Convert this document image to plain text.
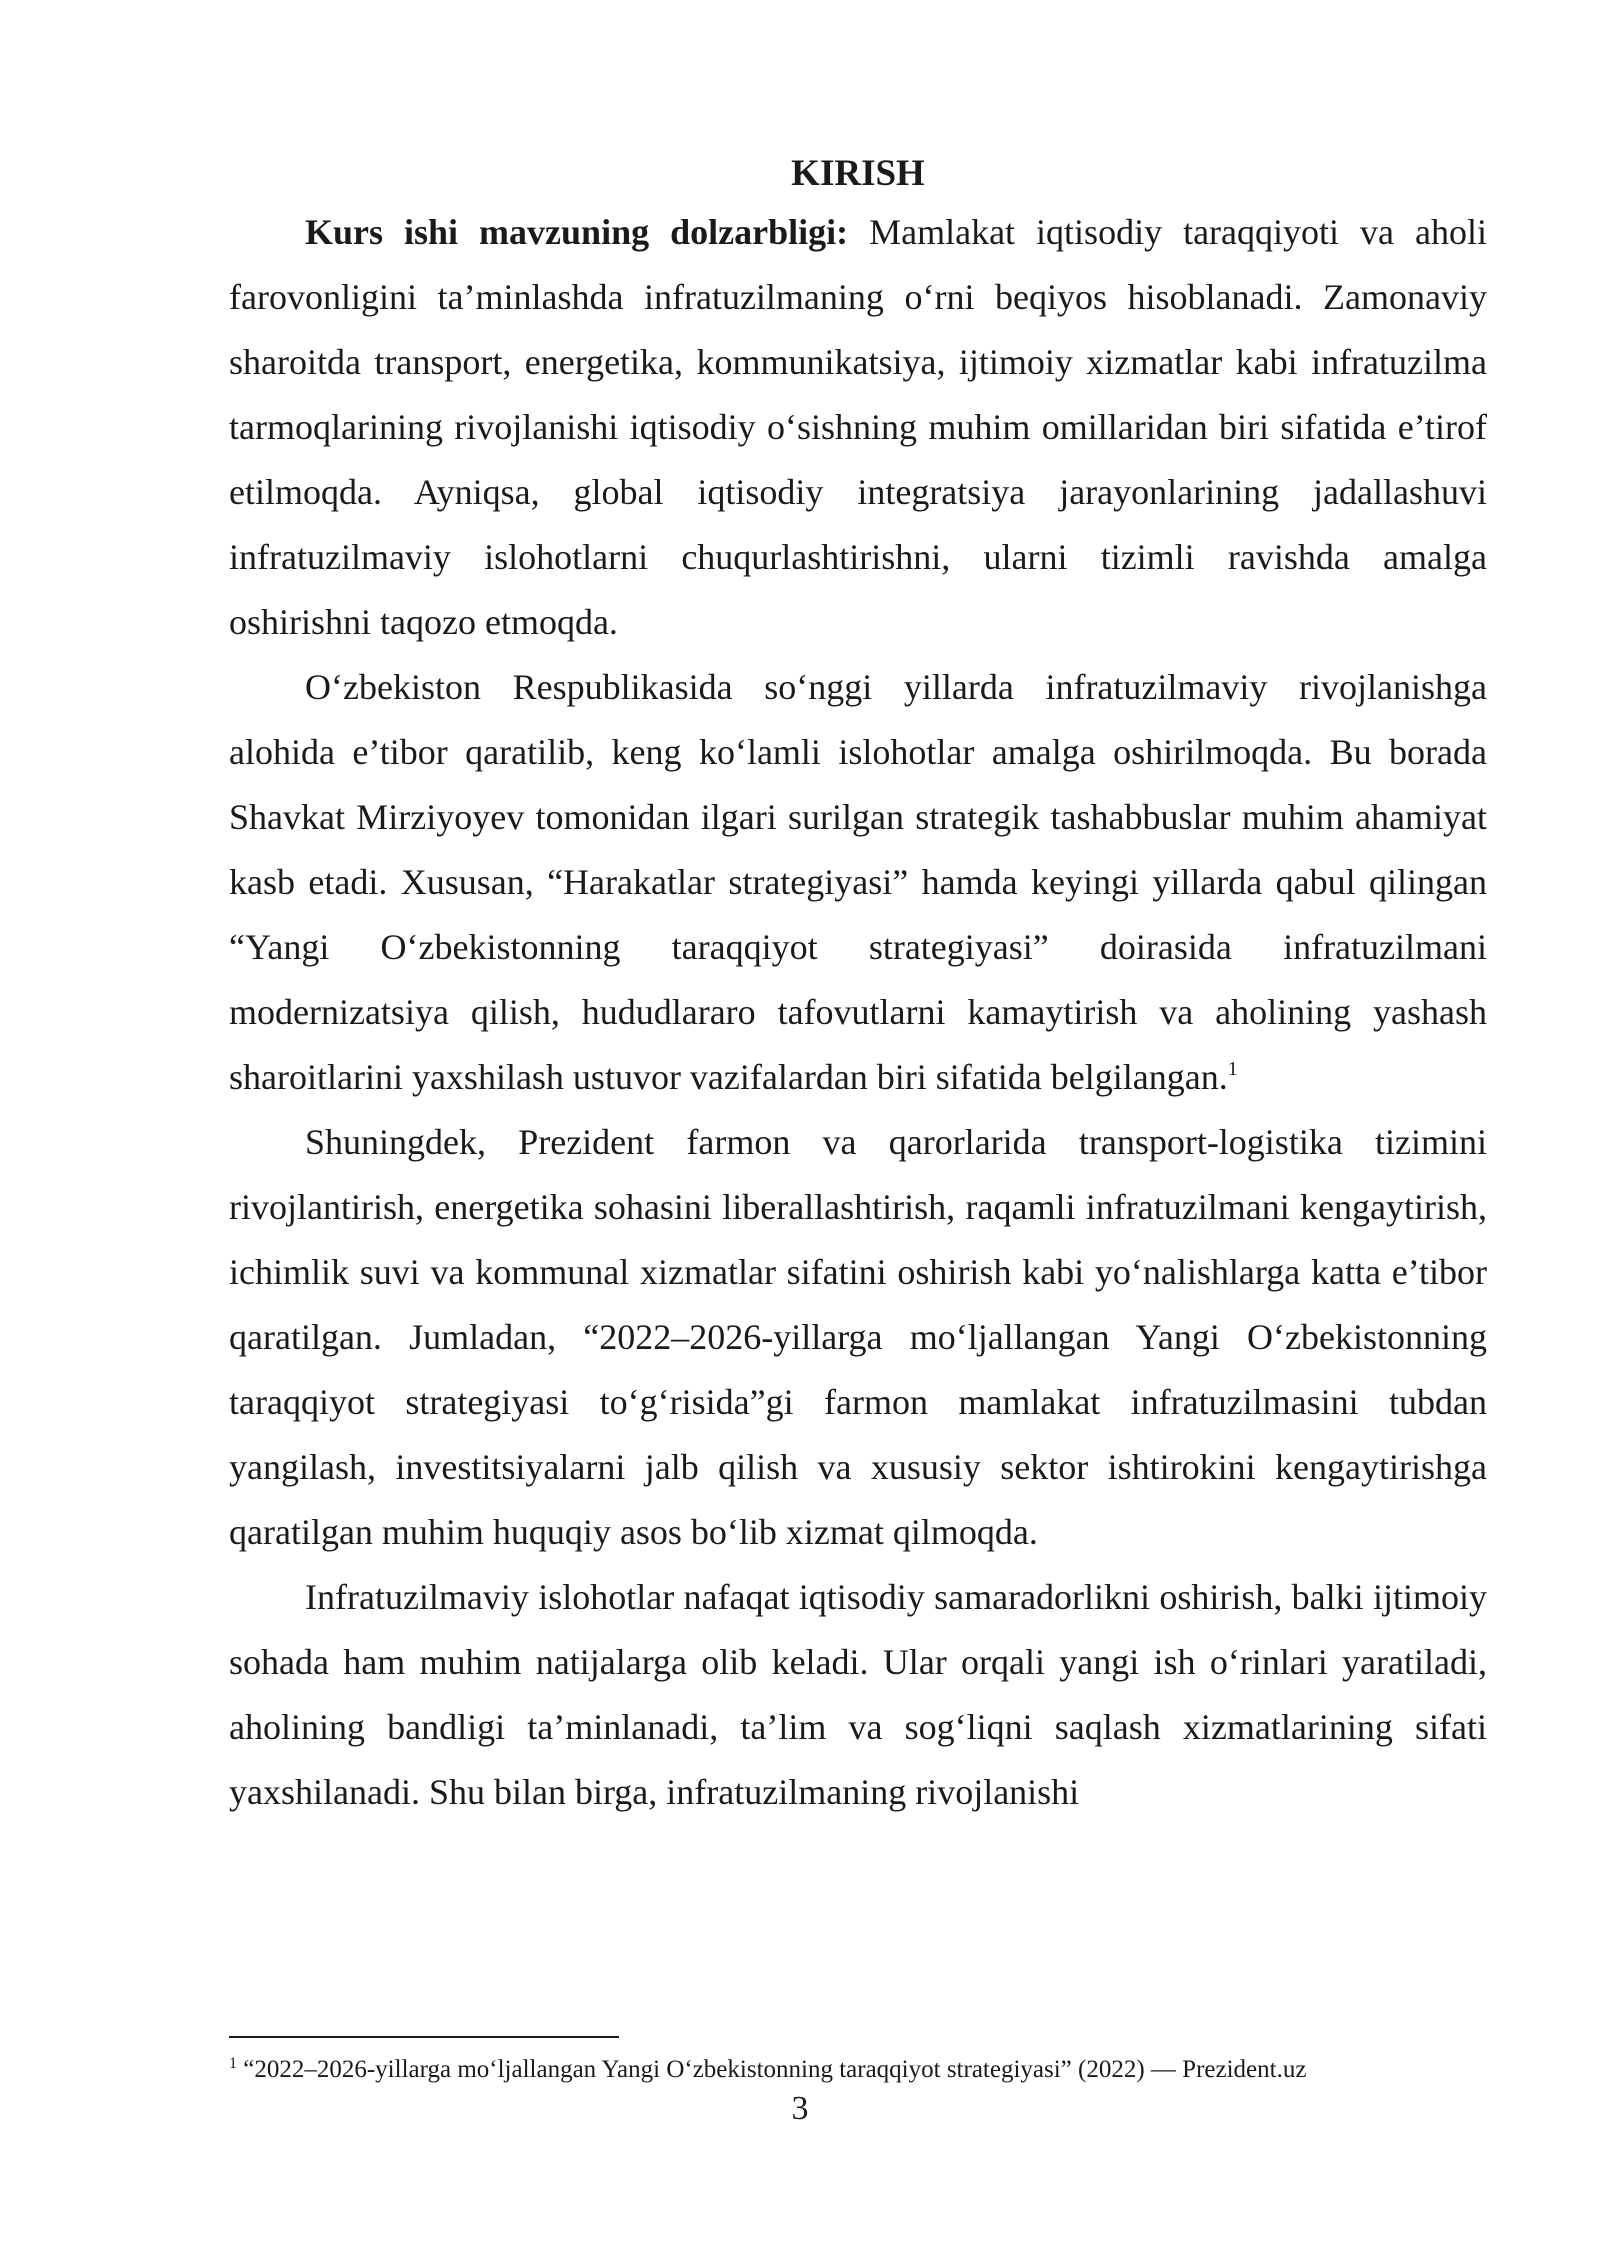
KIRISH

Kurs ishi mavzuning dolzarbligi: Mamlakat iqtisodiy taraqqiyoti va aholi farovonligini ta’minlashda infratuzilmaning o‘rni beqiyos hisoblanadi. Zamonaviy sharoitda transport, energetika, kommunikatsiya, ijtimoiy xizmatlar kabi infratuzilma tarmoqlarining rivojlanishi iqtisodiy o‘sishning muhim omillaridan biri sifatida e’tirof etilmoqda. Ayniqsa, global iqtisodiy integratsiya jarayonlarining jadallashuvi infratuzilmaviy islohotlarni chuqurlashtirishni, ularni tizimli ravishda amalga oshirishni taqozo etmoqda.

O‘zbekiston Respublikasida so‘nggi yillarda infratuzilmaviy rivojlanishga alohida e’tibor qaratilib, keng ko‘lamli islohotlar amalga oshirilmoqda. Bu borada Shavkat Mirziyoyev tomonidan ilgari surilgan strategik tashabbuslar muhim ahamiyat kasb etadi. Xususan, “Harakatlar strategiyasi” hamda keyingi yillarda qabul qilingan “Yangi O‘zbekistonning taraqqiyot strategiyasi” doirasida infratuzilmani modernizatsiya qilish, hududlararo tafovutlarni kamaytirish va aholining yashash sharoitlarini yaxshilash ustuvor vazifalardan biri sifatida belgilangan.$^1$

Shuningdek, Prezident farmon va qarorlarida transport-logistika tizimini rivojlantirish, energetika sohasini liberallashtirish, raqamli infratuzilmani kengaytirish, ichimlik suvi va kommunal xizmatlar sifatini oshirish kabi yo‘nalishlarga katta e’tibor qaratilgan. Jumladan, “2022–2026-yillarga mo‘ljallangan Yangi O‘zbekistonning taraqqiyot strategiyasi to‘g‘risida”gi farmon mamlakat infratuzilmasini tubdan yangilash, investitsiyalarni jalb qilish va xususiy sektor ishtirokini kengaytirishga qaratilgan muhim huquqiy asos bo‘lib xizmat qilmoqda.

Infratuzilmaviy islohotlar nafaqat iqtisodiy samaradorlikni oshirish, balki ijtimoiy sohada ham muhim natijalarga olib keladi. Ular orqali yangi ish o‘rinlari yaratiladi, aholining bandligi ta’minlanadi, ta’lim va sog‘liqni saqlash xizmatlarining sifati yaxshilanadi. Shu bilan birga, infratuzilmaning rivojlanishi

$^1$ “2022–2026-yillarga mo‘ljallangan Yangi O‘zbekistonning taraqqiyot strategiyasi” (2022) — Prezident.uz

3
